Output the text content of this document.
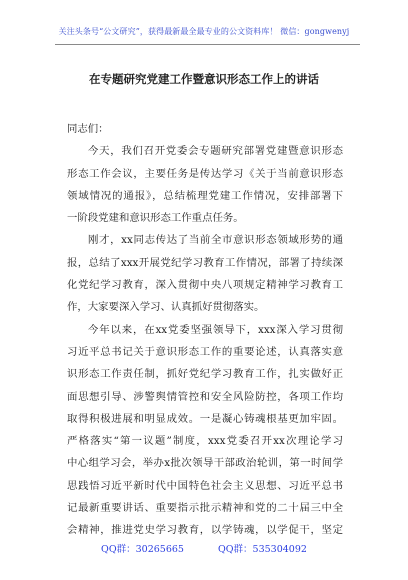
关注头条号“公文研究”，获得最新最全最专业的公文资料库！ 微信：gongwenyj
在专题研究党建工作暨意识形态工作上的讲话
同志们：
今天，我们召开党委会专题研究部署党建暨意识形态
形态工作会议，主要任务是传达学习《关于当前意识形态
领域情况的通报》，总结梳理党建工作情况，安排部署下
一阶段党建和意识形态工作重点任务。
刚才，xx同志传达了当前全市意识形态领域形势的通
报，总结了xxx开展党纪学习教育工作情况，部署了持续深
化党纪学习教育，深入贯彻中央八项规定精神学习教育工
作，大家要深入学习、认真抓好贯彻落实。
今年以来，在xx党委坚强领导下，xxx深入学习贯彻
习近平总书记关于意识形态工作的重要论述，认真落实意
识形态工作责任制，抓好党纪学习教育工作，扎实做好正
面思想引导、涉警舆情管控和安全风险防控，各项工作均
取得积极进展和明显成效。一是凝心铸魂根基更加牢固。
严格落实“第一议题”制度，xxx党委召开xx次理论学习
中心组学习会，举办x批次领导干部政治轮训，第一时间学
思践悟习近平新时代中国特色社会主义思想、习近平总书
记最新重要讲话、重要指示批示精神和党的二十届三中全
会精神，推进党史学习教育，以学铸魂，以学促干，坚定
QQ群：30265665	QQ群：535304092
